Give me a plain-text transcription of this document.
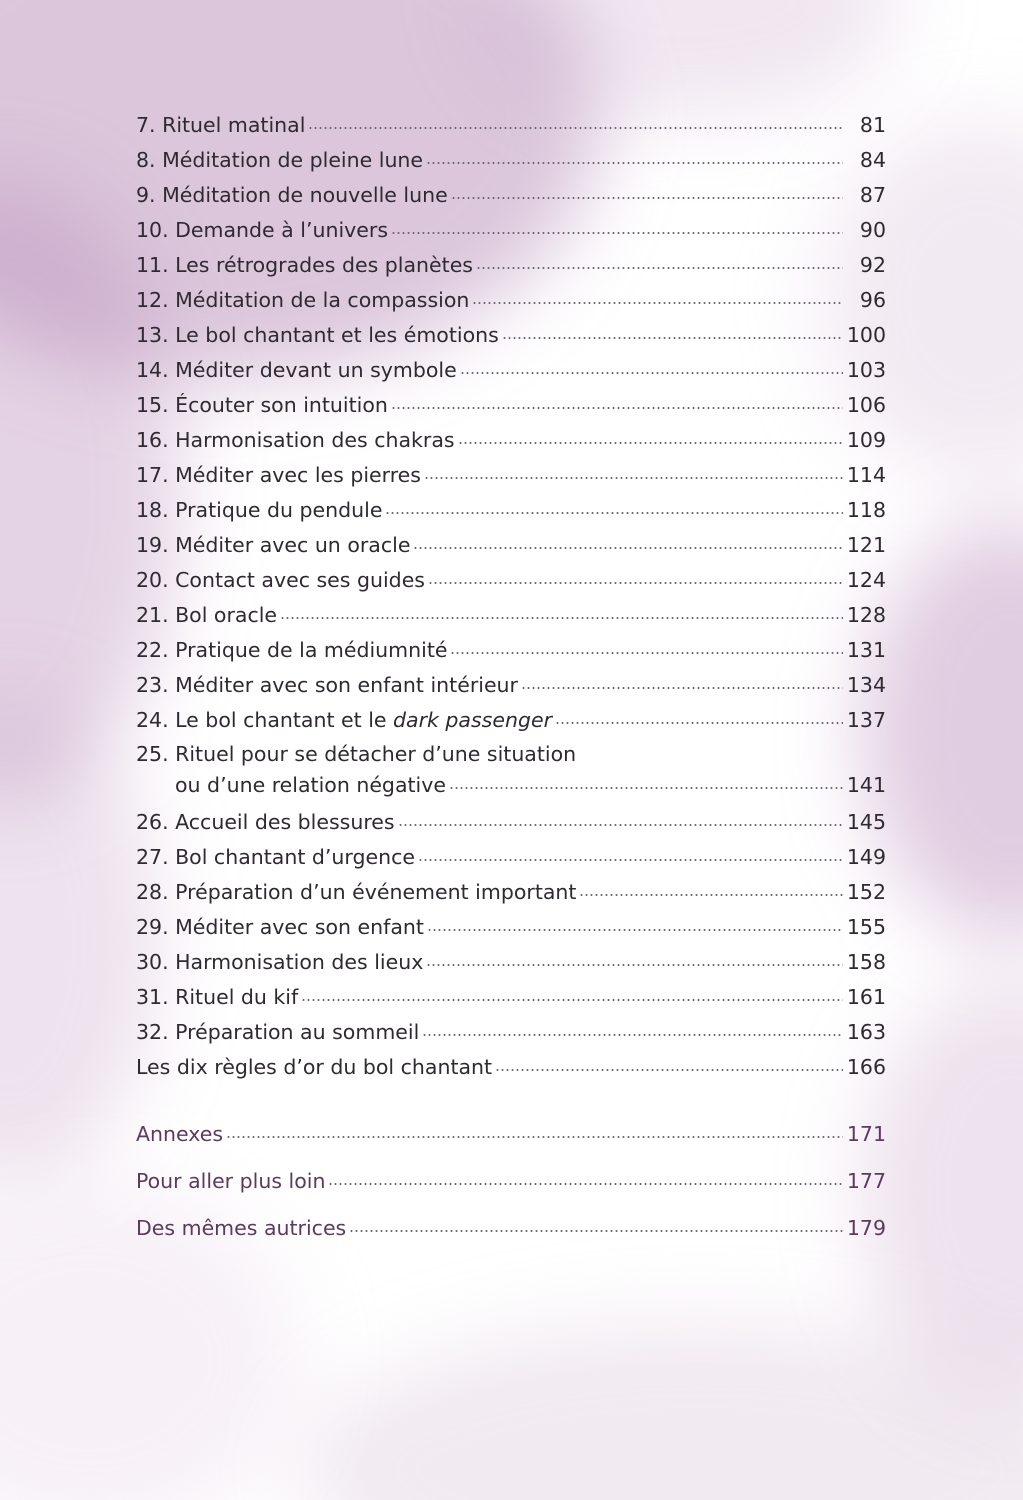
7. Rituel matinal	81
8. Méditation de pleine lune	84
9. Méditation de nouvelle lune	87
10. Demande à l’univers	90
11. Les rétrogrades des planètes	92
12. Méditation de la compassion	96
13. Le bol chantant et les émotions	100
14. Méditer devant un symbole	103
15. Écouter son intuition	106
16. Harmonisation des chakras	109
17. Méditer avec les pierres	114
18. Pratique du pendule	118
19. Méditer avec un oracle	121
20. Contact avec ses guides	124
21. Bol oracle	128
22. Pratique de la médiumnité	131
23. Méditer avec son enfant intérieur	134
24. Le bol chantant et le dark passenger	137
25. Rituel pour se détacher d’une situation
ou d’une relation négative	141
26. Accueil des blessures	145
27. Bol chantant d’urgence	149
28. Préparation d’un événement important	152
29. Méditer avec son enfant	155
30. Harmonisation des lieux	158
31. Rituel du kif	161
32. Préparation au sommeil	163
Les dix règles d’or du bol chantant	166
Annexes	171
Pour aller plus loin	177
Des mêmes autrices	179
